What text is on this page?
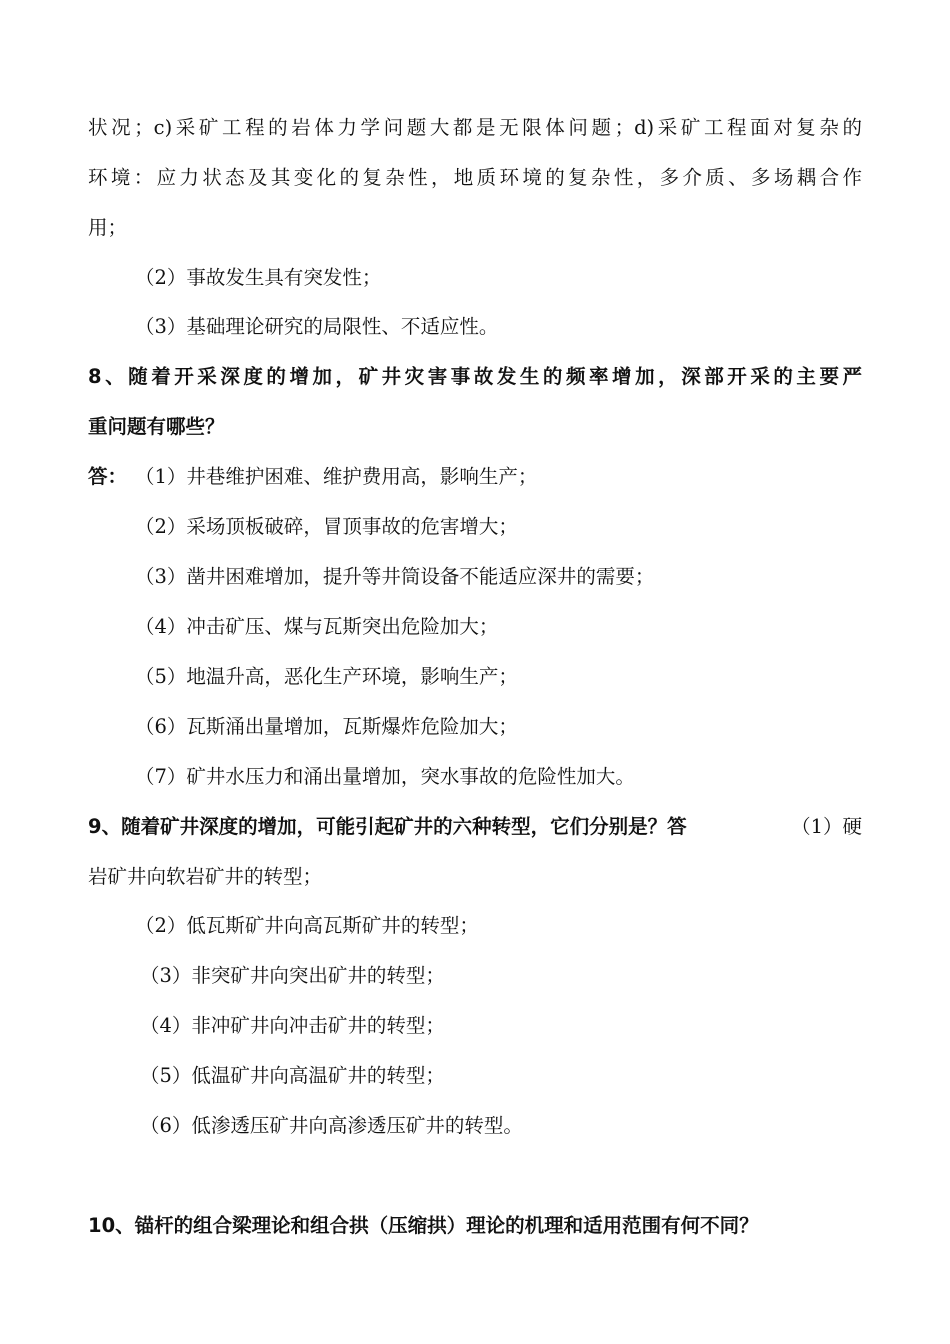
状况；c)采矿工程的岩体力学问题大都是无限体问题；d)采矿工程面对复杂的
环境：应力状态及其变化的复杂性，地质环境的复杂性，多介质、多场耦合作
用；
（2）事故发生具有突发性；
（3）基础理论研究的局限性、不适应性。
8、随着开采深度的增加，矿井灾害事故发生的频率增加，深部开采的主要严
重问题有哪些？
答： （1）井巷维护困难、维护费用高，影响生产；
（2）采场顶板破碎，冒顶事故的危害增大；
（3）凿井困难增加，提升等井筒设备不能适应深井的需要；
（4）冲击矿压、煤与瓦斯突出危险加大；
（5）地温升高，恶化生产环境，影响生产；
（6）瓦斯涌出量增加，瓦斯爆炸危险加大；
（7）矿井水压力和涌出量增加，突水事故的危险性加大。
9、随着矿井深度的增加，可能引起矿井的六种转型，它们分别是？答	（1）硬
岩矿井向软岩矿井的转型；
（2）低瓦斯矿井向高瓦斯矿井的转型；
（3）非突矿井向突出矿井的转型；
（4）非冲矿井向冲击矿井的转型；
（5）低温矿井向高温矿井的转型；
（6）低渗透压矿井向高渗透压矿井的转型。
10、锚杆的组合梁理论和组合拱（压缩拱）理论的机理和适用范围有何不同？
